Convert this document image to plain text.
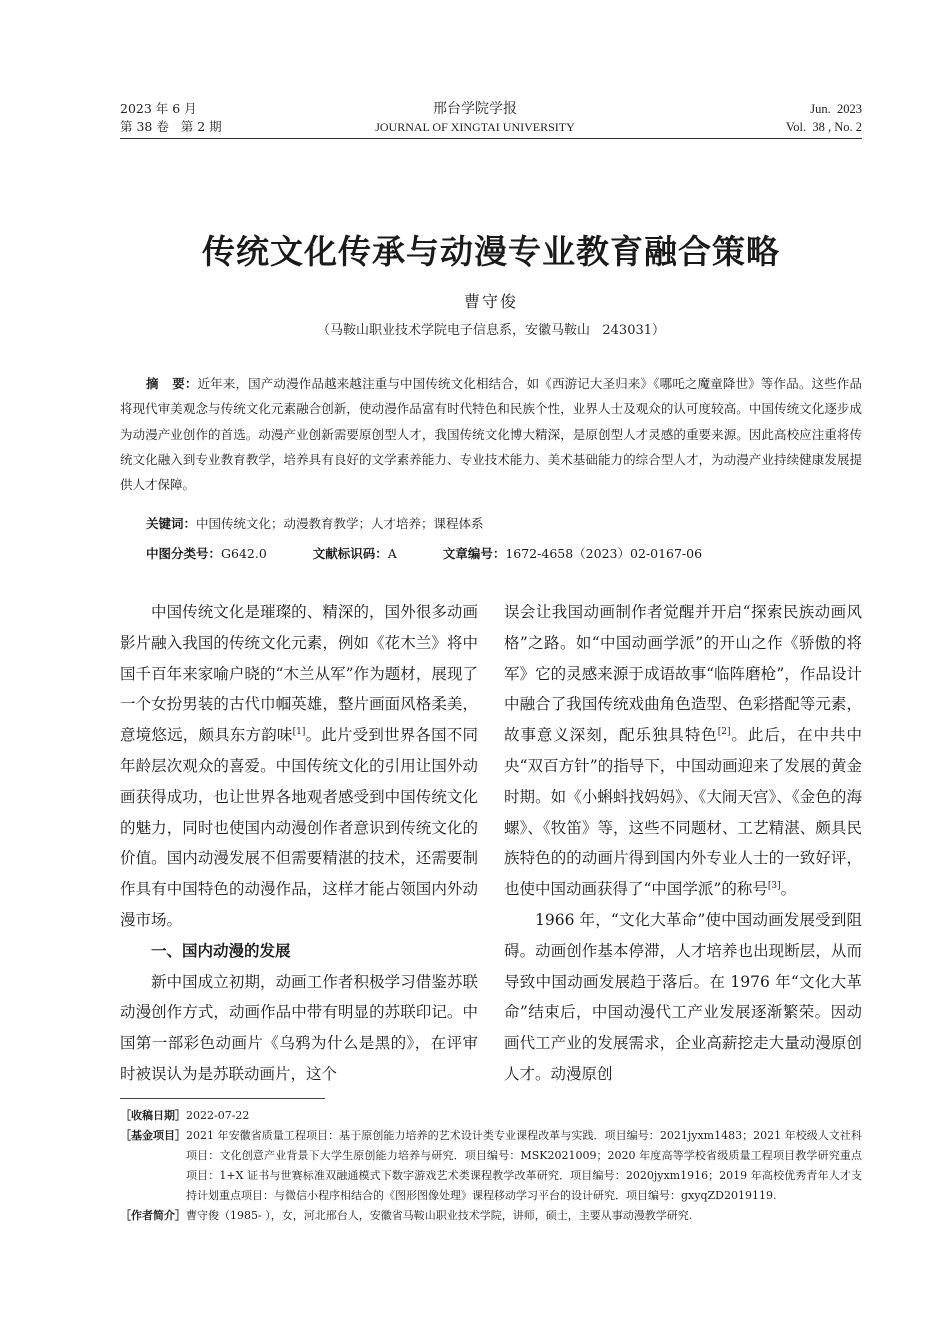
2023 年 6 月
第 38 卷   第 2 期
邢台学院学报
JOURNAL OF XINGTAI UNIVERSITY
Jun.  2023
Vol.  38 , No. 2
传统文化传承与动漫专业教育融合策略
曹守俊
（马鞍山职业技术学院电子信息系，安徽马鞍山   243031）
摘   要：近年来，国产动漫作品越来越注重与中国传统文化相结合，如《西游记大圣归来》《哪吒之魔童降世》等作品。这些作品将现代审美观念与传统文化元素融合创新，使动漫作品富有时代特色和民族个性，业界人士及观众的认可度较高。中国传统文化逐步成为动漫产业创作的首选。动漫产业创新需要原创型人才，我国传统文化博大精深，是原创型人才灵感的重要来源。因此高校应注重将传统文化融入到专业教育教学，培养具有良好的文学素养能力、专业技术能力、美术基础能力的综合型人才，为动漫产业持续健康发展提供人才保障。
关键词：中国传统文化；动漫教育教学；人才培养；课程体系
中图分类号：G642.0	文献标识码：A	文章编号：1672-4658（2023）02-0167-06

中国传统文化是璀璨的、精深的，国外很多动画影片融入我国的传统文化元素，例如《花木兰》将中国千百年来家喻户晓的“木兰从军”作为题材，展现了一个女扮男装的古代巾帼英雄，整片画面风格柔美，意境悠远，颇具东方韵味[1]。此片受到世界各国不同年龄层次观众的喜爱。中国传统文化的引用让国外动画获得成功，也让世界各地观者感受到中国传统文化的魅力，同时也使国内动漫创作者意识到传统文化的价值。国内动漫发展不但需要精湛的技术，还需要制作具有中国特色的动漫作品，这样才能占领国内外动漫市场。

一、国内动漫的发展

新中国成立初期，动画工作者积极学习借鉴苏联动漫创作方式，动画作品中带有明显的苏联印记。中国第一部彩色动画片《乌鸦为什么是黑的》，在评审时被误认为是苏联动画片，这个

误会让我国动画制作者觉醒并开启“探索民族动画风格”之路。如“中国动画学派”的开山之作《骄傲的将军》它的灵感来源于成语故事“临阵磨枪”，作品设计中融合了我国传统戏曲角色造型、色彩搭配等元素，故事意义深刻，配乐独具特色[2]。此后，在中共中央“双百方针”的指导下，中国动画迎来了发展的黄金时期。如《小蝌蚪找妈妈》、《大闹天宫》、《金色的海螺》、《牧笛》等，这些不同题材、工艺精湛、颇具民族特色的的动画片得到国内外专业人士的一致好评，也使中国动画获得了“中国学派”的称号[3]。

1966 年，“文化大革命”使中国动画发展受到阻碍。动画创作基本停滞，人才培养也出现断层，从而导致中国动画发展趋于落后。在 1976 年“文化大革命”结束后，中国动漫代工产业发展逐渐繁荣。因动画代工产业的发展需求，企业高薪挖走大量动漫原创人才。动漫原创

［收稿日期］ 2022-07-22
［基金项目］ 2021 年安徽省质量工程项目：基于原创能力培养的艺术设计类专业课程改革与实践．项目编号：2021jyxm1483；2021 年校级人文社科项目：文化创意产业背景下大学生原创能力培养与研究．项目编号：MSK2021009；2020 年度高等学校省级质量工程项目教学研究重点项目：1+X 证书与世赛标准双融通模式下数字游戏艺术类课程教学改革研究．项目编号：2020jyxm1916；2019 年高校优秀青年人才支持计划重点项目：与微信小程序相结合的《图形图像处理》课程移动学习平台的设计研究．项目编号：gxyqZD2019119.
［作者简介］ 曹守俊（1985- ），女，河北邢台人，安徽省马鞍山职业技术学院，讲师，硕士，主要从事动漫教学研究.
